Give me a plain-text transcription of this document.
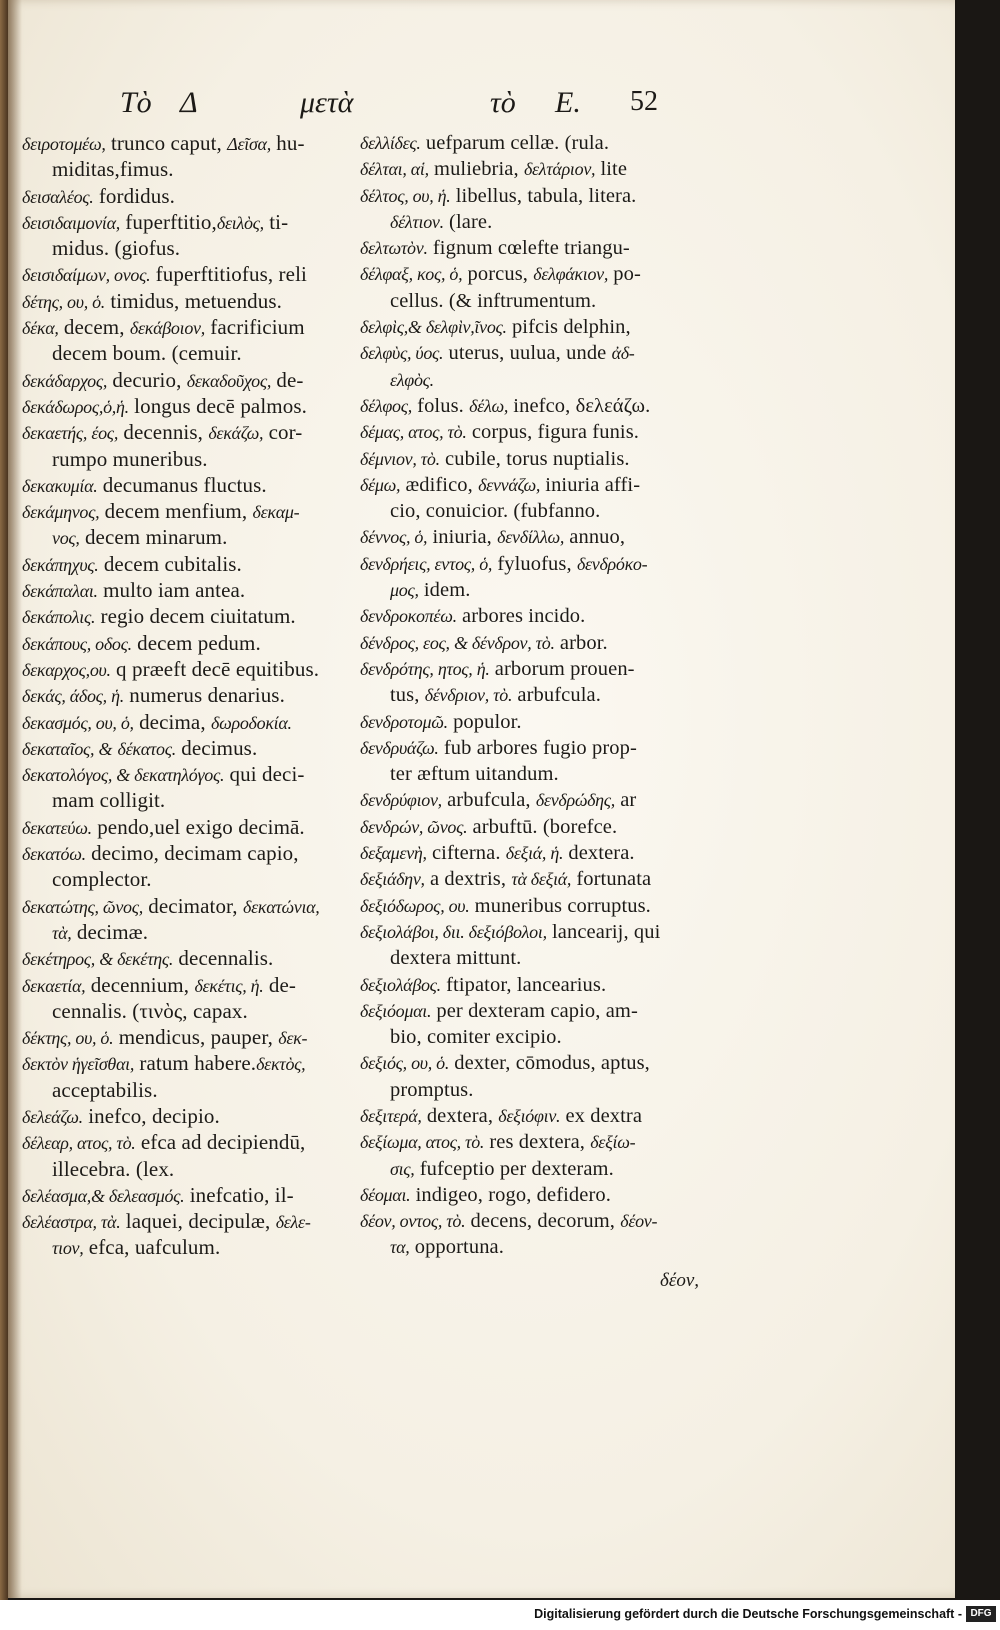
Τὸ Δ	μετὰ	τὸ Ε. 52
δειροτομέω, trunco caput, Δεῖσα, hu-
miditas,fimus.
δεισαλέος. fordidus.
δεισιδαιμονία, fuperftitio,δειλὸς, ti-
midus. (giofus.
δεισιδαίμων, ονος. fuperftitiofus, reli
δέτης, ου, ὁ. timidus, metuendus.
δέκα, decem, δεκάβοιον, facrificium
decem boum. (cemuir.
δεκάδαρχος, decurio, δεκαδοῦχος, de-
δεκάδωρος,ὁ,ἡ. longus decē palmos.
δεκαετής, έος, decennis, δεκάζω, cor-
rumpo muneribus.
δεκακυμία. decumanus fluctus.
δεκάμηνος, decem menfium, δεκαμ-
νος, decem minarum.
δεκάπηχυς. decem cubitalis.
δεκάπαλαι. multo iam antea.
δεκάπολις. regio decem ciuitatum.
δεκάπους, οδος. decem pedum.
δεκαρχος,ου. q præeft decē equitibus.
δεκάς, άδος, ἡ. numerus denarius.
δεκασμός, ου, ὁ, decima, δωροδοκία.
δεκαταῖος, & δέκατος. decimus.
δεκατολόγος, & δεκατηλόγος. qui deci-
mam colligit.
δεκατεύω. pendo,uel exigo decimā.
δεκατόω. decimo, decimam capio,
complector.
δεκατώτης, ῶνος, decimator, δεκατώνια,
τὰ, decimæ.
δεκέτηρος, & δεκέτης. decennalis.
δεκαετία, decennium, δεκέτις, ἡ. de-
cennalis. (τινὸς, capax.
δέκτης, ου, ὁ. mendicus, pauper, δεκ-
δεκτὸν ἡγεῖσθαι, ratum habere.δεκτὸς,
acceptabilis.
δελεάζω. inefco, decipio.
δέλεαρ, ατος, τὸ. efca ad decipiendū,
illecebra. (lex.
δελέασμα,& δελεασμός. inefcatio, il-
δελέαστρα, τὰ. laquei, decipulæ, δελε-
τιον, efca, uafculum.
δελλίδες. uefparum cellæ. (rula.
δέλται, αἱ, muliebria, δελτάριον, lite
δέλτος, ου, ἡ. libellus, tabula, litera.
δέλτιον. (lare.
δελτωτὸν. fignum cœlefte triangu-
δέλφαξ, κος, ὁ, porcus, δελφάκιον, po-
cellus. (& inftrumentum.
δελφὶς,& δελφὶν,ῖνος. pifcis delphin,
δελφὺς, ύος. uterus, uulua, unde ἀδ-
ελφὸς.
δέλφος, folus. δέλω, inefco, δελεάζω.
δέμας, ατος, τὸ. corpus, figura funis.
δέμνιον, τὸ. cubile, torus nuptialis.
δέμω, ædifico, δεννάζω, iniuria affi-
cio, conuicior. (fubfanno.
δέννος, ὁ, iniuria, δενδίλλω, annuo,
δενδρήεις, εντος, ὁ, fyluofus, δενδρόκο-
μος, idem.
δενδροκοπέω. arbores incido.
δένδρος, εος, & δένδρον, τὸ. arbor.
δενδρότης, ητος, ἡ. arborum prouen-
tus, δένδριον, τὸ. arbufcula.
δενδροτομῶ. populor.
δενδρυάζω. fub arbores fugio prop-
ter æftum uitandum.
δενδρύφιον, arbufcula, δενδρώδης, ar
δενδρών, ῶνος. arbuftū. (borefce.
δεξαμενὴ, cifterna. δεξιά, ἡ. dextera.
δεξιάδην, a dextris, τὰ δεξιά, fortunata
δεξιόδωρος, ου. muneribus corruptus.
δεξιολάβοι, διι. δεξιόβολοι, lancearij, qui
dextera mittunt.
δεξιολάβος. ftipator, lancearius.
δεξιόομαι. per dexteram capio, am-
bio, comiter excipio.
δεξιός, ου, ὁ. dexter, cōmodus, aptus,
promptus.
δεξιτερά, dextera, δεξιόφιν. ex dextra
δεξίωμα, ατος, τὸ. res dextera, δεξίω-
σις, fufceptio per dexteram.
δέομαι. indigeo, rogo, defidero.
δέον, οντος, τὸ. decens, decorum, δέον-
τα, opportuna.
δέον,
Digitalisierung gefördert durch die Deutsche Forschungsgemeinschaft - DFG
